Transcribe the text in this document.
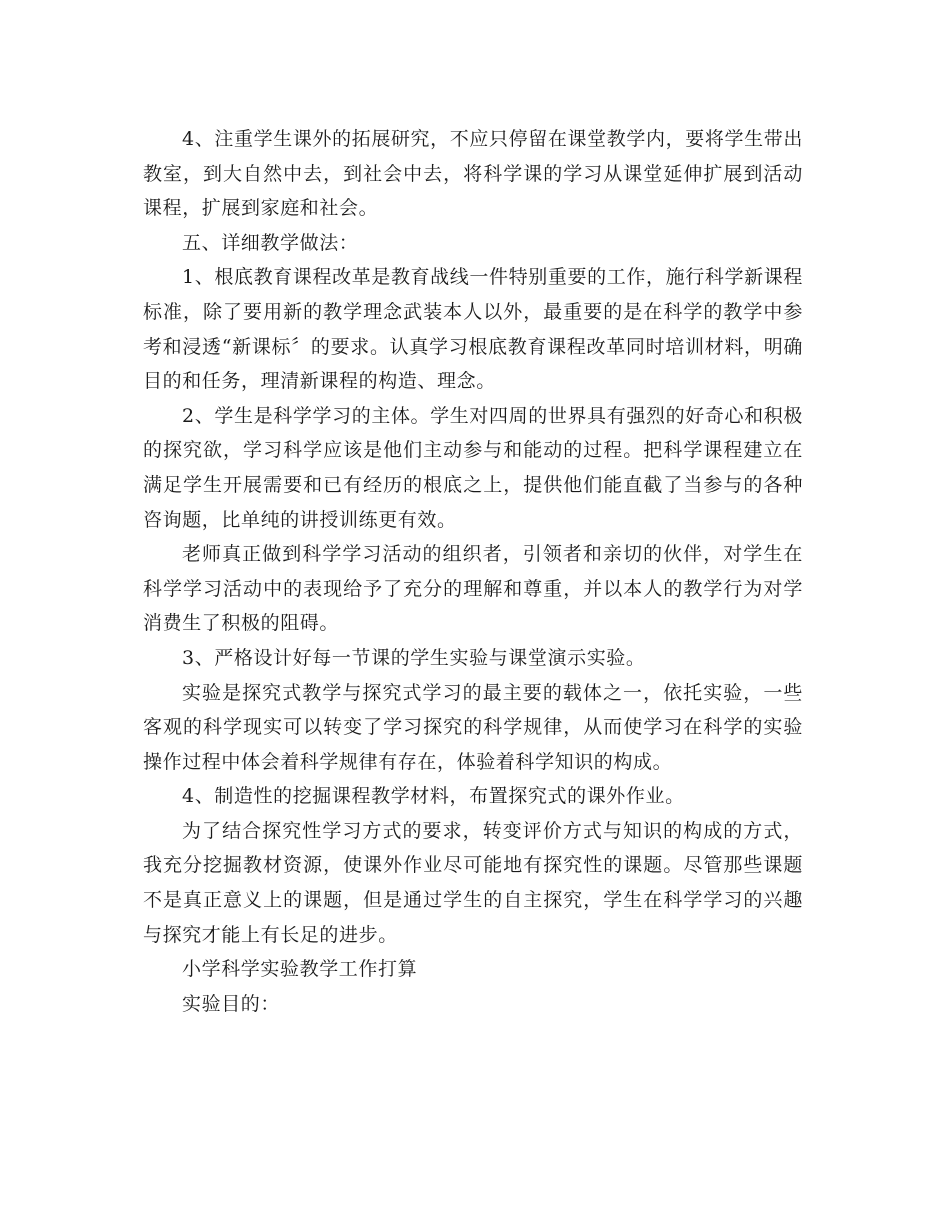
4、注重学生课外的拓展研究，不应只停留在课堂教学内，要将学生带出教室，到大自然中去，到社会中去，将科学课的学习从课堂延伸扩展到活动课程，扩展到家庭和社会。

五、详细教学做法：

1、根底教育课程改革是教育战线一件特别重要的工作，施行科学新课程标准，除了要用新的教学理念武装本人以外，最重要的是在科学的教学中参考和浸透“新课标〞的要求。认真学习根底教育课程改革同时培训材料，明确目的和任务，理清新课程的构造、理念。

2、学生是科学学习的主体。学生对四周的世界具有强烈的好奇心和积极的探究欲，学习科学应该是他们主动参与和能动的过程。把科学课程建立在满足学生开展需要和已有经历的根底之上，提供他们能直截了当参与的各种咨询题，比单纯的讲授训练更有效。

老师真正做到科学学习活动的组织者，引领者和亲切的伙伴，对学生在科学学习活动中的表现给予了充分的理解和尊重，并以本人的教学行为对学消费生了积极的阻碍。

3、严格设计好每一节课的学生实验与课堂演示实验。

实验是探究式教学与探究式学习的最主要的载体之一，依托实验，一些客观的科学现实可以转变了学习探究的科学规律，从而使学习在科学的实验操作过程中体会着科学规律有存在，体验着科学知识的构成。

4、制造性的挖掘课程教学材料，布置探究式的课外作业。

为了结合探究性学习方式的要求，转变评价方式与知识的构成的方式，我充分挖掘教材资源，使课外作业尽可能地有探究性的课题。尽管那些课题不是真正意义上的课题，但是通过学生的自主探究，学生在科学学习的兴趣与探究才能上有长足的进步。

小学科学实验教学工作打算

实验目的：
